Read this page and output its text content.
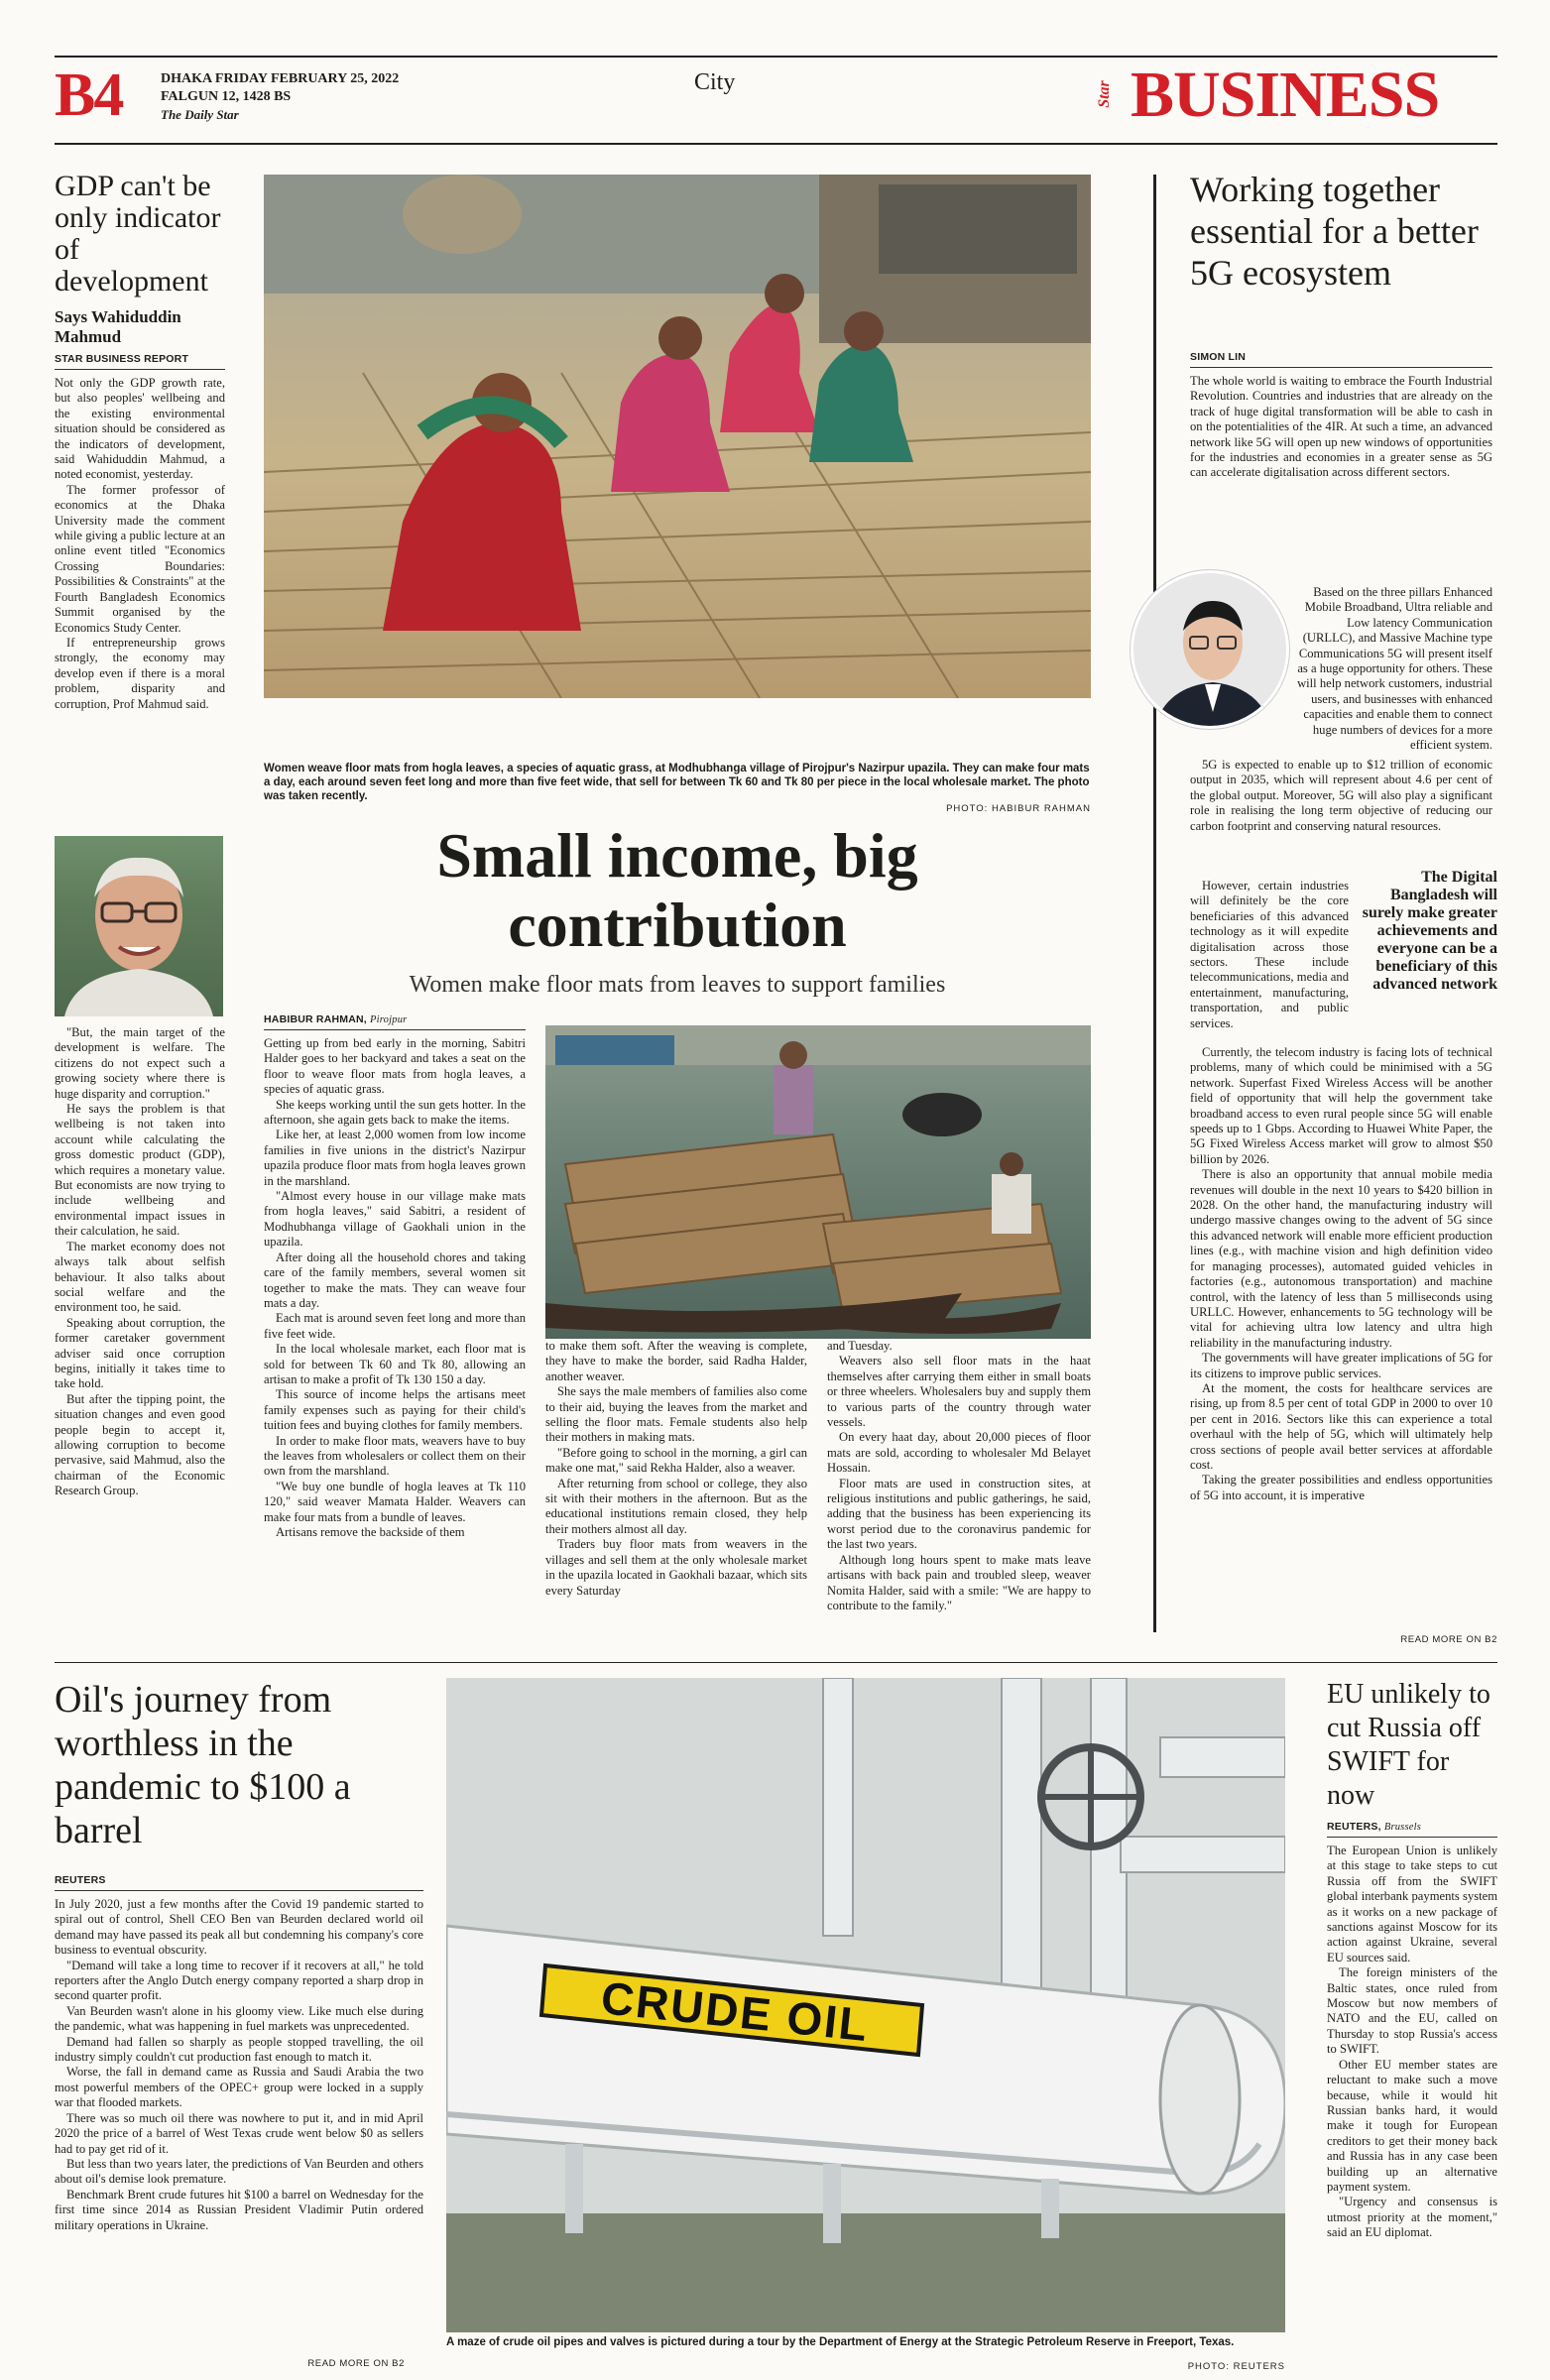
B4	DHAKA FRIDAY FEBRUARY 25, 2022
FALGUN 12, 1428 BS
The Daily Star
City	Star BUSINESS
GDP can't be only indicator of development
Says Wahiduddin Mahmud
STAR BUSINESS REPORT

Not only the GDP growth rate, but also peoples' wellbeing and the existing environmental situation should be considered as the indicators of development, said Wahiduddin Mahmud, a noted economist, yesterday.

The former professor of economics at the Dhaka University made the comment while giving a public lecture at an online event titled "Economics Crossing Boundaries: Possibilities & Constraints" at the Fourth Bangladesh Economics Summit organised by the Economics Study Center.

If entrepreneurship grows strongly, the economy may develop even if there is a moral problem, disparity and corruption, Prof Mahmud said.

"But, the main target of the development is welfare. The citizens do not expect such a growing society where there is huge disparity and corruption."

He says the problem is that wellbeing is not taken into account while calculating the gross domestic product (GDP), which requires a monetary value. But economists are now trying to include wellbeing and environmental impact issues in their calculation, he said.

The market economy does not always talk about selfish behaviour. It also talks about social welfare and the environment too, he said.

Speaking about corruption, the former caretaker government adviser said once corruption begins, initially it takes time to take hold.

But after the tipping point, the situation changes and even good people begin to accept it, allowing corruption to become pervasive, said Mahmud, also the chairman of the Economic Research Group.

Women weave floor mats from hogla leaves, a species of aquatic grass, at Modhubhanga village of Pirojpur's Nazirpur upazila. They can make four mats a day, each around seven feet long and more than five feet wide, that sell for between Tk 60 and Tk 80 per piece in the local wholesale market. The photo was taken recently.
PHOTO: HABIBUR RAHMAN
Small income, big
contribution
Women make floor mats from leaves to support families
HABIBUR RAHMAN, Pirojpur

Getting up from bed early in the morning, Sabitri Halder goes to her backyard and takes a seat on the floor to weave floor mats from hogla leaves, a species of aquatic grass.

She keeps working until the sun gets hotter. In the afternoon, she again gets back to make the items.

Like her, at least 2,000 women from low income families in five unions in the district's Nazirpur upazila produce floor mats from hogla leaves grown in the marshland.

"Almost every house in our village make mats from hogla leaves," said Sabitri, a resident of Modhubhanga village of Gaokhali union in the upazila.

After doing all the household chores and taking care of the family members, several women sit together to make the mats. They can weave four mats a day.

Each mat is around seven feet long and more than five feet wide.

In the local wholesale market, each floor mat is sold for between Tk 60 and Tk 80, allowing an artisan to make a profit of Tk 130 150 a day.

This source of income helps the artisans meet family expenses such as paying for their child's tuition fees and buying clothes for family members.

In order to make floor mats, weavers have to buy the leaves from wholesalers or collect them on their own from the marshland.

"We buy one bundle of hogla leaves at Tk 110 120," said weaver Mamata Halder. Weavers can make four mats from a bundle of leaves.

Artisans remove the backside of them

to make them soft. After the weaving is complete, they have to make the border, said Radha Halder, another weaver.

She says the male members of families also come to their aid, buying the leaves from the market and selling the floor mats. Female students also help their mothers in making mats.

"Before going to school in the morning, a girl can make one mat," said Rekha Halder, also a weaver.

After returning from school or college, they also sit with their mothers in the afternoon. But as the educational institutions remain closed, they help their mothers almost all day.

Traders buy floor mats from weavers in the villages and sell them at the only wholesale market in the upazila located in Gaokhali bazaar, which sits every Saturday

and Tuesday.

Weavers also sell floor mats in the haat themselves after carrying them either in small boats or three wheelers. Wholesalers buy and supply them to various parts of the country through water vessels.

On every haat day, about 20,000 pieces of floor mats are sold, according to wholesaler Md Belayet Hossain.

Floor mats are used in construction sites, at religious institutions and public gatherings, he said, adding that the business has been experiencing its worst period due to the coronavirus pandemic for the last two years.

Although long hours spent to make mats leave artisans with back pain and troubled sleep, weaver Nomita Halder, said with a smile: "We are happy to contribute to the family."

Working together essential for a better 5G ecosystem
SIMON LIN

The whole world is waiting to embrace the Fourth Industrial Revolution. Countries and industries that are already on the track of huge digital transformation will be able to cash in on the potentialities of the 4IR. At such a time, an advanced network like 5G will open up new windows of opportunities for the industries and economies in a greater sense as 5G can accelerate digitalisation across different sectors.

Based on the three pillars Enhanced Mobile Broadband, Ultra reliable and Low latency Communication (URLLC), and Massive Machine type Communications 5G will present itself as a huge opportunity for others. These will help network customers, industrial users, and businesses with enhanced capacities and enable them to connect huge numbers of devices for a more efficient system.

5G is expected to enable up to $12 trillion of economic output in 2035, which will represent about 4.6 per cent of the global output. Moreover, 5G will also play a significant role in realising the long term objective of reducing our carbon footprint and conserving natural resources.

However, certain industries will definitely be the core beneficiaries of this advanced technology as it will expedite digitalisation across those sectors. These include telecommunications, media and entertainment, manufacturing, transportation, and public services.

The Digital Bangladesh will surely make greater achievements and everyone can be a beneficiary of this advanced network

Currently, the telecom industry is facing lots of technical problems, many of which could be minimised with a 5G network. Superfast Fixed Wireless Access will be another field of opportunity that will help the government take broadband access to even rural people since 5G will enable speeds up to 1 Gbps. According to Huawei White Paper, the 5G Fixed Wireless Access market will grow to almost $50 billion by 2026.

There is also an opportunity that annual mobile media revenues will double in the next 10 years to $420 billion in 2028. On the other hand, the manufacturing industry will undergo massive changes owing to the advent of 5G since this advanced network will enable more efficient production lines (e.g., with machine vision and high definition video for managing processes), automated guided vehicles in factories (e.g., autonomous transportation) and machine control, with the latency of less than 5 milliseconds using URLLC. However, enhancements to 5G technology will be vital for achieving ultra low latency and ultra high reliability in the manufacturing industry.

The governments will have greater implications of 5G for its citizens to improve public services.

At the moment, the costs for healthcare services are rising, up from 8.5 per cent of total GDP in 2000 to over 10 per cent in 2016. Sectors like this can experience a total overhaul with the help of 5G, which will ultimately help cross sections of people avail better services at affordable cost.

Taking the greater possibilities and endless opportunities of 5G into account, it is imperative

READ MORE ON B2
Oil's journey from worthless in the pandemic to $100 a barrel
REUTERS

In July 2020, just a few months after the Covid 19 pandemic started to spiral out of control, Shell CEO Ben van Beurden declared world oil demand may have passed its peak all but condemning his company's core business to eventual obscurity.

"Demand will take a long time to recover if it recovers at all," he told reporters after the Anglo Dutch energy company reported a sharp drop in second quarter profit.

Van Beurden wasn't alone in his gloomy view. Like much else during the pandemic, what was happening in fuel markets was unprecedented.

Demand had fallen so sharply as people stopped travelling, the oil industry simply couldn't cut production fast enough to match it.

Worse, the fall in demand came as Russia and Saudi Arabia the two most powerful members of the OPEC+ group were locked in a supply war that flooded markets.

There was so much oil there was nowhere to put it, and in mid April 2020 the price of a barrel of West Texas crude went below $0 as sellers had to pay get rid of it.

But less than two years later, the predictions of Van Beurden and others about oil's demise look premature.

Benchmark Brent crude futures hit $100 a barrel on Wednesday for the first time since 2014 as Russian President Vladimir Putin ordered military operations in Ukraine.

READ MORE ON B2
CRUDE OIL
A maze of crude oil pipes and valves is pictured during a tour by the Department of Energy at the Strategic Petroleum Reserve in Freeport, Texas.
PHOTO: REUTERS
EU unlikely to cut Russia off SWIFT for now
REUTERS, Brussels

The European Union is unlikely at this stage to take steps to cut Russia off from the SWIFT global interbank payments system as it works on a new package of sanctions against Moscow for its action against Ukraine, several EU sources said.

The foreign ministers of the Baltic states, once ruled from Moscow but now members of NATO and the EU, called on Thursday to stop Russia's access to SWIFT.

Other EU member states are reluctant to make such a move because, while it would hit Russian banks hard, it would make it tough for European creditors to get their money back and Russia has in any case been building up an alternative payment system.

"Urgency and consensus is utmost priority at the moment," said an EU diplomat.
